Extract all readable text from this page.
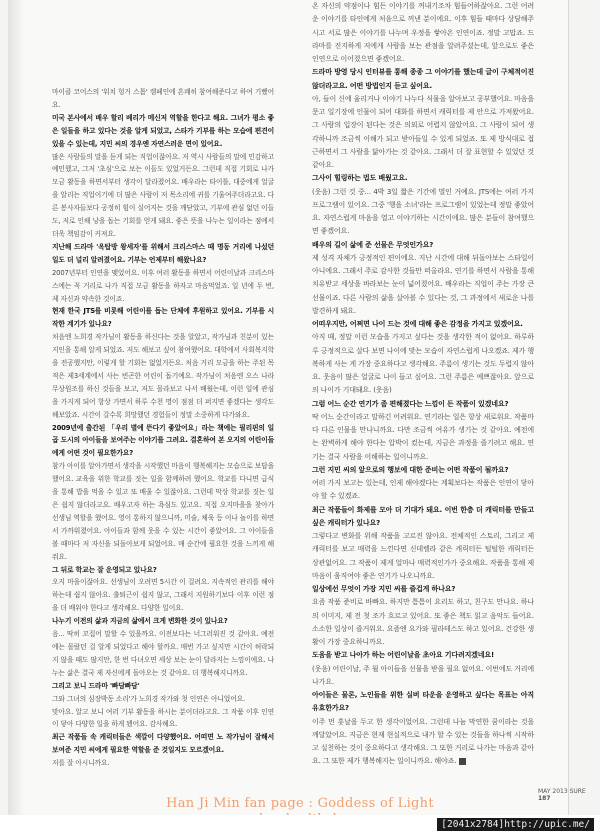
마이클 코어스의 '워치 헝거 스톱' 캠페인에 흔쾌히 참여해준다고 하여 기뻤어요.

미국 본사에서 배우 할리 베리가 메신저 역할을 한다고 해요. 그녀가 평소 좋은 일들을 하고 있다는 것을 알게 되었고, 스타가 기부를 하는 모습에 편견이 있을 수 있는데, 지민 씨의 경우엔 자연스러운 면이 있어요.

많은 사람들의 말을 듣게 되는 직업이잖아요. 저 역시 사람들의 말에 민감하고 예민했고, 그저 '초심'으로 보는 이들도 있었거든요. 그런데 직접 기회로 나가 모금 활동을 하면서부터 생각이 달라졌어요. 배우라는 타이틀, 대중에게 얼굴을 알리는 직업이기에 더 많은 사람이 저 목소리에 귀를 기울여주더라고요. 다른 봉사자들보다 공정히 힘이 실어지는 것을 깨닫았고, 기부에 관심 없던 이들도, 저로 인해 낭을 돕는 기회를 얻게 돼요. 좋은 뜻을 나누는 일이라는 점에서 더욱 책임감이 커져요.

지난해 드라마 '옥탑방 왕세자'를 위해서 크리스마스 때 명동 거리에 나섰던 일도 더 널리 알려졌어요. 기부는 언제부터 해왔나요?

2007년부터 인연을 맺었어요. 이후 여러 활동을 하면서 어린이날과 크리스마스에는 꼭 거리로 나가 직접 모금 활동을 하자고 마음먹었죠. 일 년에 두 번, 제 자신과 약속한 것이죠.

현재 한국 JTS를 비롯해 어린이를 돕는 단체에 후원하고 있어요. 기부를 시작한 계기가 있나요?

처음엔 노희경 작가님이 활동을 하신다는 것을 알았고, 작가님과 친분이 있는 지인을 통해 알게 되었죠. 저도 해보고 싶어 참여했어요. 대학에서 사회복지학을 전공했지만, 이렇게 할 기회는 없었거든요. 처음 거리 모금을 하는 주된 목적은 제3세계에서 사는 빈곤한 어린이 돕기예요. 작가님이 처음엔 오스 나라 무상원조를 하신 것들을 보고, 저도 몰라보고 나서 배웠는데, 이런 일에 관심을 가지게 되어 항상 가면서 하루 수천 명이 점점 더 퍼지면 좋겠다는 생각도 해보았죠. 시간이 갈수록 희망했던 경험들이 정말 소중하게 다가와요.

2009년에 출간된 「우리 별에 뜬다기 좋았어요」라는 책에는 필리핀의 일곱 도시의 아이들을 보여주는 이야기를 그려요. 결혼하여 본 오지의 어린이들에게 어떤 것이 필요한가요?

참가 아이를 알아가면서 생각을 시작했던 마음이 행복해지는 모습으로 보답을 했어요. 교육을 위한 학교를 짓는 일을 함께하려 했어요. 학교를 다니면 급식을 통해 밥을 먹을 수 있고 또 배울 수 있잖아요. 그런데 막상 학교를 짓는 일은 쉽지 않더라고요. 배우고자 하는 욕심도 있고요. 직접 오지마을을 찾아가 선생님 역할을 했어요. 영이 통하지 않으니까, 미술, 체육 등 이나 놀이를 하면서 가까워졌어요. 아이들과 함께 웃을 수 있는 시간이 좋았어요. 그 아이들을 볼 때마다 저 자신을 되돌아보게 되었어요. 매 순간에 필요한 것을 느끼게 해줘요.

그 뒤로 학교는 잘 운영되고 있나요?

오지 마을이잖아요. 선생님이 오려면 5시간 이 걸려요. 지속적인 관리를 해야 하는데 쉽지 않아요. 출퇴근이 쉽지 않고, 그래서 지원하기보다 이후 이런 점을 더 배워야 한다고 생각해요. 다양한 일이요.

나누기 이전의 삶과 지금의 삶에서 크게 변화한 것이 있나요?

음... 딱히 꼬집어 말할 수 있을까요. 이전보다는 너그러워진 것 같아요. 예전에는 몰랐던 걸 알게 되었다고 해야 할까요. 매번 가고 싶지만 시간이 허락되지 않을 때도 많지만, 한 번 다녀오면 세상 보는 눈이 달라지는 느낌이에요. 나누는 삶은 결국 제 자신에게 돌아오는 것 같아요. 더 행복해지니까요.

그리고 보니 드라마 '빠담빠담'

그와 그녀의 심장박동 소리'가 노희경 작가와 첫 인연은 아니었어요.

맞아요. 알고 보니 여러 기부 활동을 하시는 분이더라고요. 그 작품 이후 인연이 닿아 다양한 일을 하게 됐어요. 감사해요.

최근 작품들 속 캐릭터들은 색깔이 다양했어요. 어떠면 노 작가님이 잘해서 보여준 지민 씨에게 필요한 역할을 준 것일지도 모르겠어요.

저를 잘 아시니까요.

온 자신의 약점이나 힘든 이야기를 꺼내기조차 힘들어하잖아요. 그런 어려운 이야기를 타인에게 처음으로 꺼낸 분이에요. 이후 힘들 때마다 상담해주시고 서로 많은 이야기를 나누며 우정을 쌓아온 인연이죠. 정말 고맙죠. 드라마를 진지하게 저에게 사람을 보는 관점을 알려주셨는데, 앞으로도 좋은 인연으로 이어졌으면 좋겠어요.

드라마 방영 당시 인터뷰를 통해 종종 그 이야기를 했는데 글이 구체적이진 않더라고요. 어떤 방법인지 듣고 싶어요.

아, 들이 신에 울리거나 이야기 나누다 식물을 알아보고 공부했어요. 마음을 문고 일기장에 인물이 되어 대화를 하면서 캐릭터를 제 안으로 가져왔어요. 그 사람의 입장이 된다는 것은 의외로 어렵지 않았어요. 그 사람이 되어 생각하니까 조금씩 이해가 되고 받아들일 수 있게 되었죠. 또 제 방식대로 접근하면서 그 사람을 닮아가는 것 같아요. 그래서 더 잘 표현할 수 있었던 것 같아요.

그사이 힐링하는 법도 배웠고요.

(웃음) 그런 것 중... 4박 3일 짧은 기간에 벌인 거예요. JTS에는 여러 가지 프로그램이 있어요. 그중 '행을 소녀'라는 프로그램이 있었는데 정말 좋았어요. 자연스럽게 마음을 열고 이야기하는 시간이에요. 많은 분들이 참여했으면 좋겠어요.

배우의 길이 삶에 준 선물은 무엇인가요?

제 성격 자체가 긍정적인 편이에요. 지난 시간에 대해 뒤돌아보는 스타일이 아니에요. 그래서 주로 감사한 것들만 떠올라요. 연기를 하면서 사람을 통해 치유받고 세상을 바라보는 눈이 넓어졌어요. 배우라는 직업이 주는 가장 큰 선물이죠. 다른 사람의 삶을 살아볼 수 있다는 것, 그 과정에서 새로운 나를 발견하게 돼요.

어떠우지만, 어쩌면 나이 드는 것에 대해 좋은 감정을 가지고 있겠어요.

아직 때, 정말 이런 모습을 가지고 싶다는 것을 생각한 적이 없어요. 하루하루 긍정적으로 살다 보면 나이에 맞는 모습이 자연스럽게 나오겠죠. 제가 행복하게 사는 게 가장 중요하다고 생각해요. 주름이 생기는 것도 두렵지 않아요. 웃음이 많은 얼굴로 나이 들고 싶어요. 그런 주름은 예쁘잖아요. 앞으로의 나이가 기대돼요. (웃음)

그럼 어느 순간 연기가 좀 편해졌다는 느낌이 든 작품이 있겠네요?

딱 어느 순간이라고 말하긴 어려워요. 연기라는 일은 항상 새로워요. 작품마다 다른 인물을 만나니까요. 다만 조금씩 여유가 생기는 것 같아요. 예전에는 완벽하게 해야 한다는 압박이 컸는데, 지금은 과정을 즐기려고 해요. 연기는 결국 사람을 이해하는 일이니까요.

그런 지민 씨의 앞으로의 행보에 대한 준비는 어떤 작품이 될까요?

여러 가지 보고는 있는데, 인제 해야겠다는 계획보다는 작품은 인연이 닿아야 할 수 있겠죠.

최근 작품들이 화제를 모아 더 기대가 돼요. 이번 한층 더 캐릭터를 만들고 싶은 캐릭터가 있나요?

그렇다고 변화를 위해 작품을 고르진 않아요. 전체적인 스토리, 그리고 제 캐릭터를 보고 매력을 느낀다면 신데렐라 같은 캐릭터든 털털한 캐릭터든 상관없어요. 그 작품이 제게 얼마나 매력적인가가 중요해요. 작품을 통해 제 마음이 움직여야 좋은 연기가 나오니까요.

일상에선 무엇이 가장 지민 씨를 즐겁게 하나요?

요즘 작품 준비로 바빠요. 하지만 틈틈이 요리도 하고, 친구도 만나요. 하나의 이미지, 제 전 첫 조가 흐르고 있어요. 또 좋은 책도 읽고 음악도 들어요. 소소한 일상이 즐거워요. 요즘엔 요가와 필라테스도 하고 있어요. 건강한 생활이 가장 중요하니까요.

도움을 받고 나아가 하는 어린이날을 초아요 기다려지겠네요!

(웃음) 어린이날, 주 월 아이들을 선물을 받을 필요 없어요. 이번에도 거리에 나가요.

아이들은 물론, 노인들을 위한 실버 타운을 운영하고 싶다는 목표는 아직 유효한가요?

이주 먼 훗날을 두고 한 생각이었어요. 그런데 나눔 막연한 꿈이라는 것을 깨달았어요. 지금은 현재 현실적으로 내가 할 수 있는 것들을 하나씩 시작하고 실천하는 것이 중요하다고 생각해요. 그 또한 거리로 나가는 마음과 같아요. 그 또한 제가 행복해지는 일이니까요. 해야죠.

MAY 2013 SURE 187
Han Ji Min fan page : Goddess of Light
[2041x2784]http://upic.me/
